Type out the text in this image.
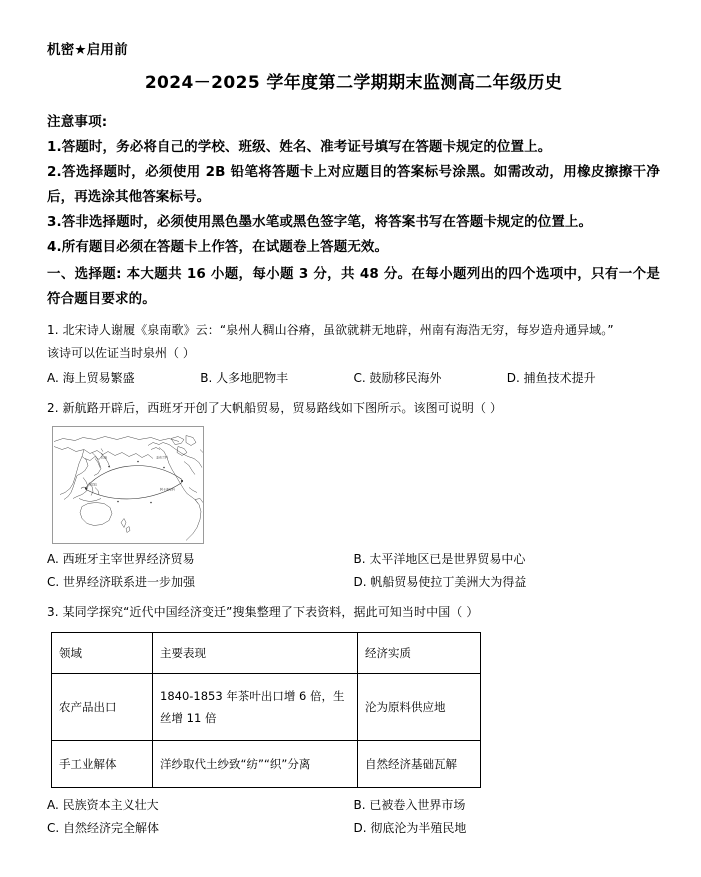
机密★启用前
2024－2025 学年度第二学期期末监测高二年级历史

注意事项:

1.答题时，务必将自己的学校、班级、姓名、准考证号填写在答题卡规定的位置上。

2.答选择题时，必须使用 2B 铅笔将答题卡上对应题目的答案标号涂黑。如需改动，用橡皮擦擦干净后，再选涂其他答案标号。

3.答非选择题时，必须使用黑色墨水笔或黑色签字笔，将答案书写在答题卡规定的位置上。

4.所有题目必须在答题卡上作答，在试题卷上答题无效。

一、选择题: 本大题共 16 小题，每小题 3 分，共 48 分。在每小题列出的四个选项中，只有一个是符合题目要求的。

1. 北宋诗人谢履《泉南歌》云：“泉州人稠山谷瘠，虽欲就耕无地辟，州南有海浩无穷，每岁造舟通异域。”

该诗可以佐证当时泉州（ ）

A. 海上贸易繁盛	B. 人多地肥物丰	C. 鼓励移民海外	D. 捕鱼技术提升

2. 新航路开辟后，西班牙开创了大帆船贸易，贸易路线如下图所示。该图可说明（ ）

长崎
马尼拉
圣布兰科
阿卡普尔科
A. 西班牙主宰世界经济贸易	B. 太平洋地区已是世界贸易中心
C. 世界经济联系进一步加强	D. 帆船贸易使拉丁美洲大为得益

3. 某同学探究“近代中国经济变迁”搜集整理了下表资料，据此可知当时中国（ ）

领域	主要表现	经济实质
农产品出口	1840-1853 年茶叶出口增 6 倍，生丝增 11 倍	沦为原料供应地
手工业解体	洋纱取代土纱致“纺”“织”分离	自然经济基础瓦解
A. 民族资本主义壮大	B. 已被卷入世界市场
C. 自然经济完全解体	D. 彻底沦为半殖民地
